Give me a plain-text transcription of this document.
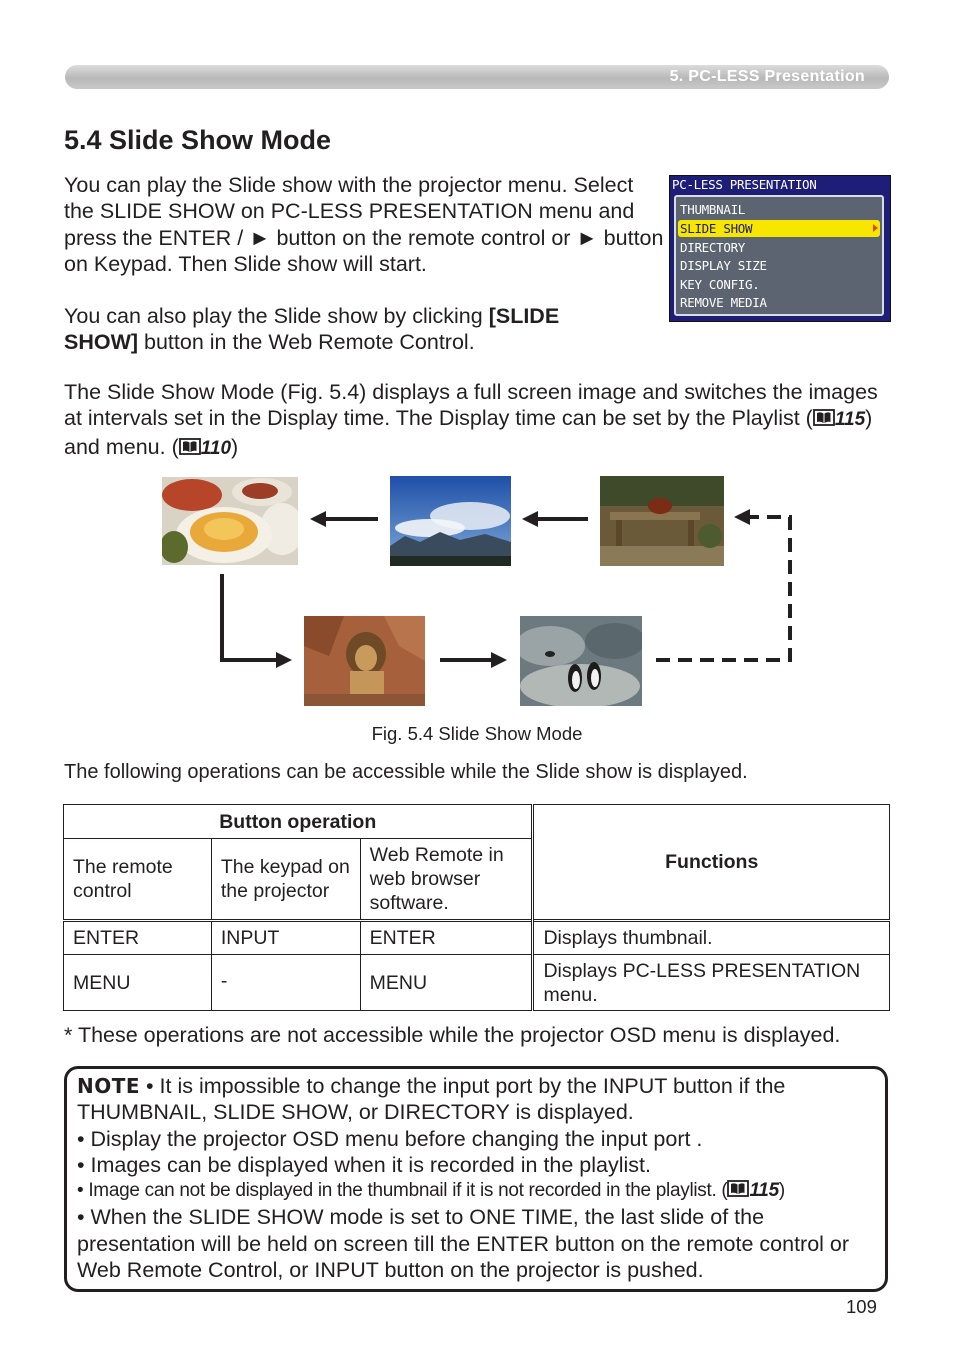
5. PC-LESS Presentation
5.4 Slide Show Mode
You can play the Slide show with the projector menu. Select the SLIDE SHOW on PC-LESS PRESENTATION menu and press the ENTER / ► button on the remote control or ► button on Keypad. Then Slide show will start.
You can also play the Slide show by clicking [SLIDE SHOW] button in the Web Remote Control.
PC-LESS PRESENTATION
THUMBNAIL
SLIDE SHOW
DIRECTORY
DISPLAY SIZE
KEY CONFIG.
REMOVE MEDIA
The Slide Show Mode (Fig. 5.4) displays a full screen image and switches the images at intervals set in the Display time. The Display time can be set by the Playlist ( 115) and menu. ( 110)
Fig. 5.4 Slide Show Mode
The following operations can be accessible while the Slide show is displayed.
Button operation			Functions
The remote control	The keypad on the projector	Web Remote in web browser software.	
ENTER	INPUT	ENTER	Displays thumbnail.
MENU	-	MENU	Displays PC-LESS PRESENTATION menu.
* These operations are not accessible while the projector OSD menu is displayed.
NOTE • It is impossible to change the input port by the INPUT button if the THUMBNAIL, SLIDE SHOW, or DIRECTORY is displayed.
• Display the projector OSD menu before changing the input port .
• Images can be displayed when it is recorded in the playlist.
• Image can not be displayed in the thumbnail if it is not recorded in the playlist. ( 115)
• When the SLIDE SHOW mode is set to ONE TIME, the last slide of the presentation will be held on screen till the ENTER button on the remote control or Web Remote Control, or INPUT button on the projector is pushed.
109
